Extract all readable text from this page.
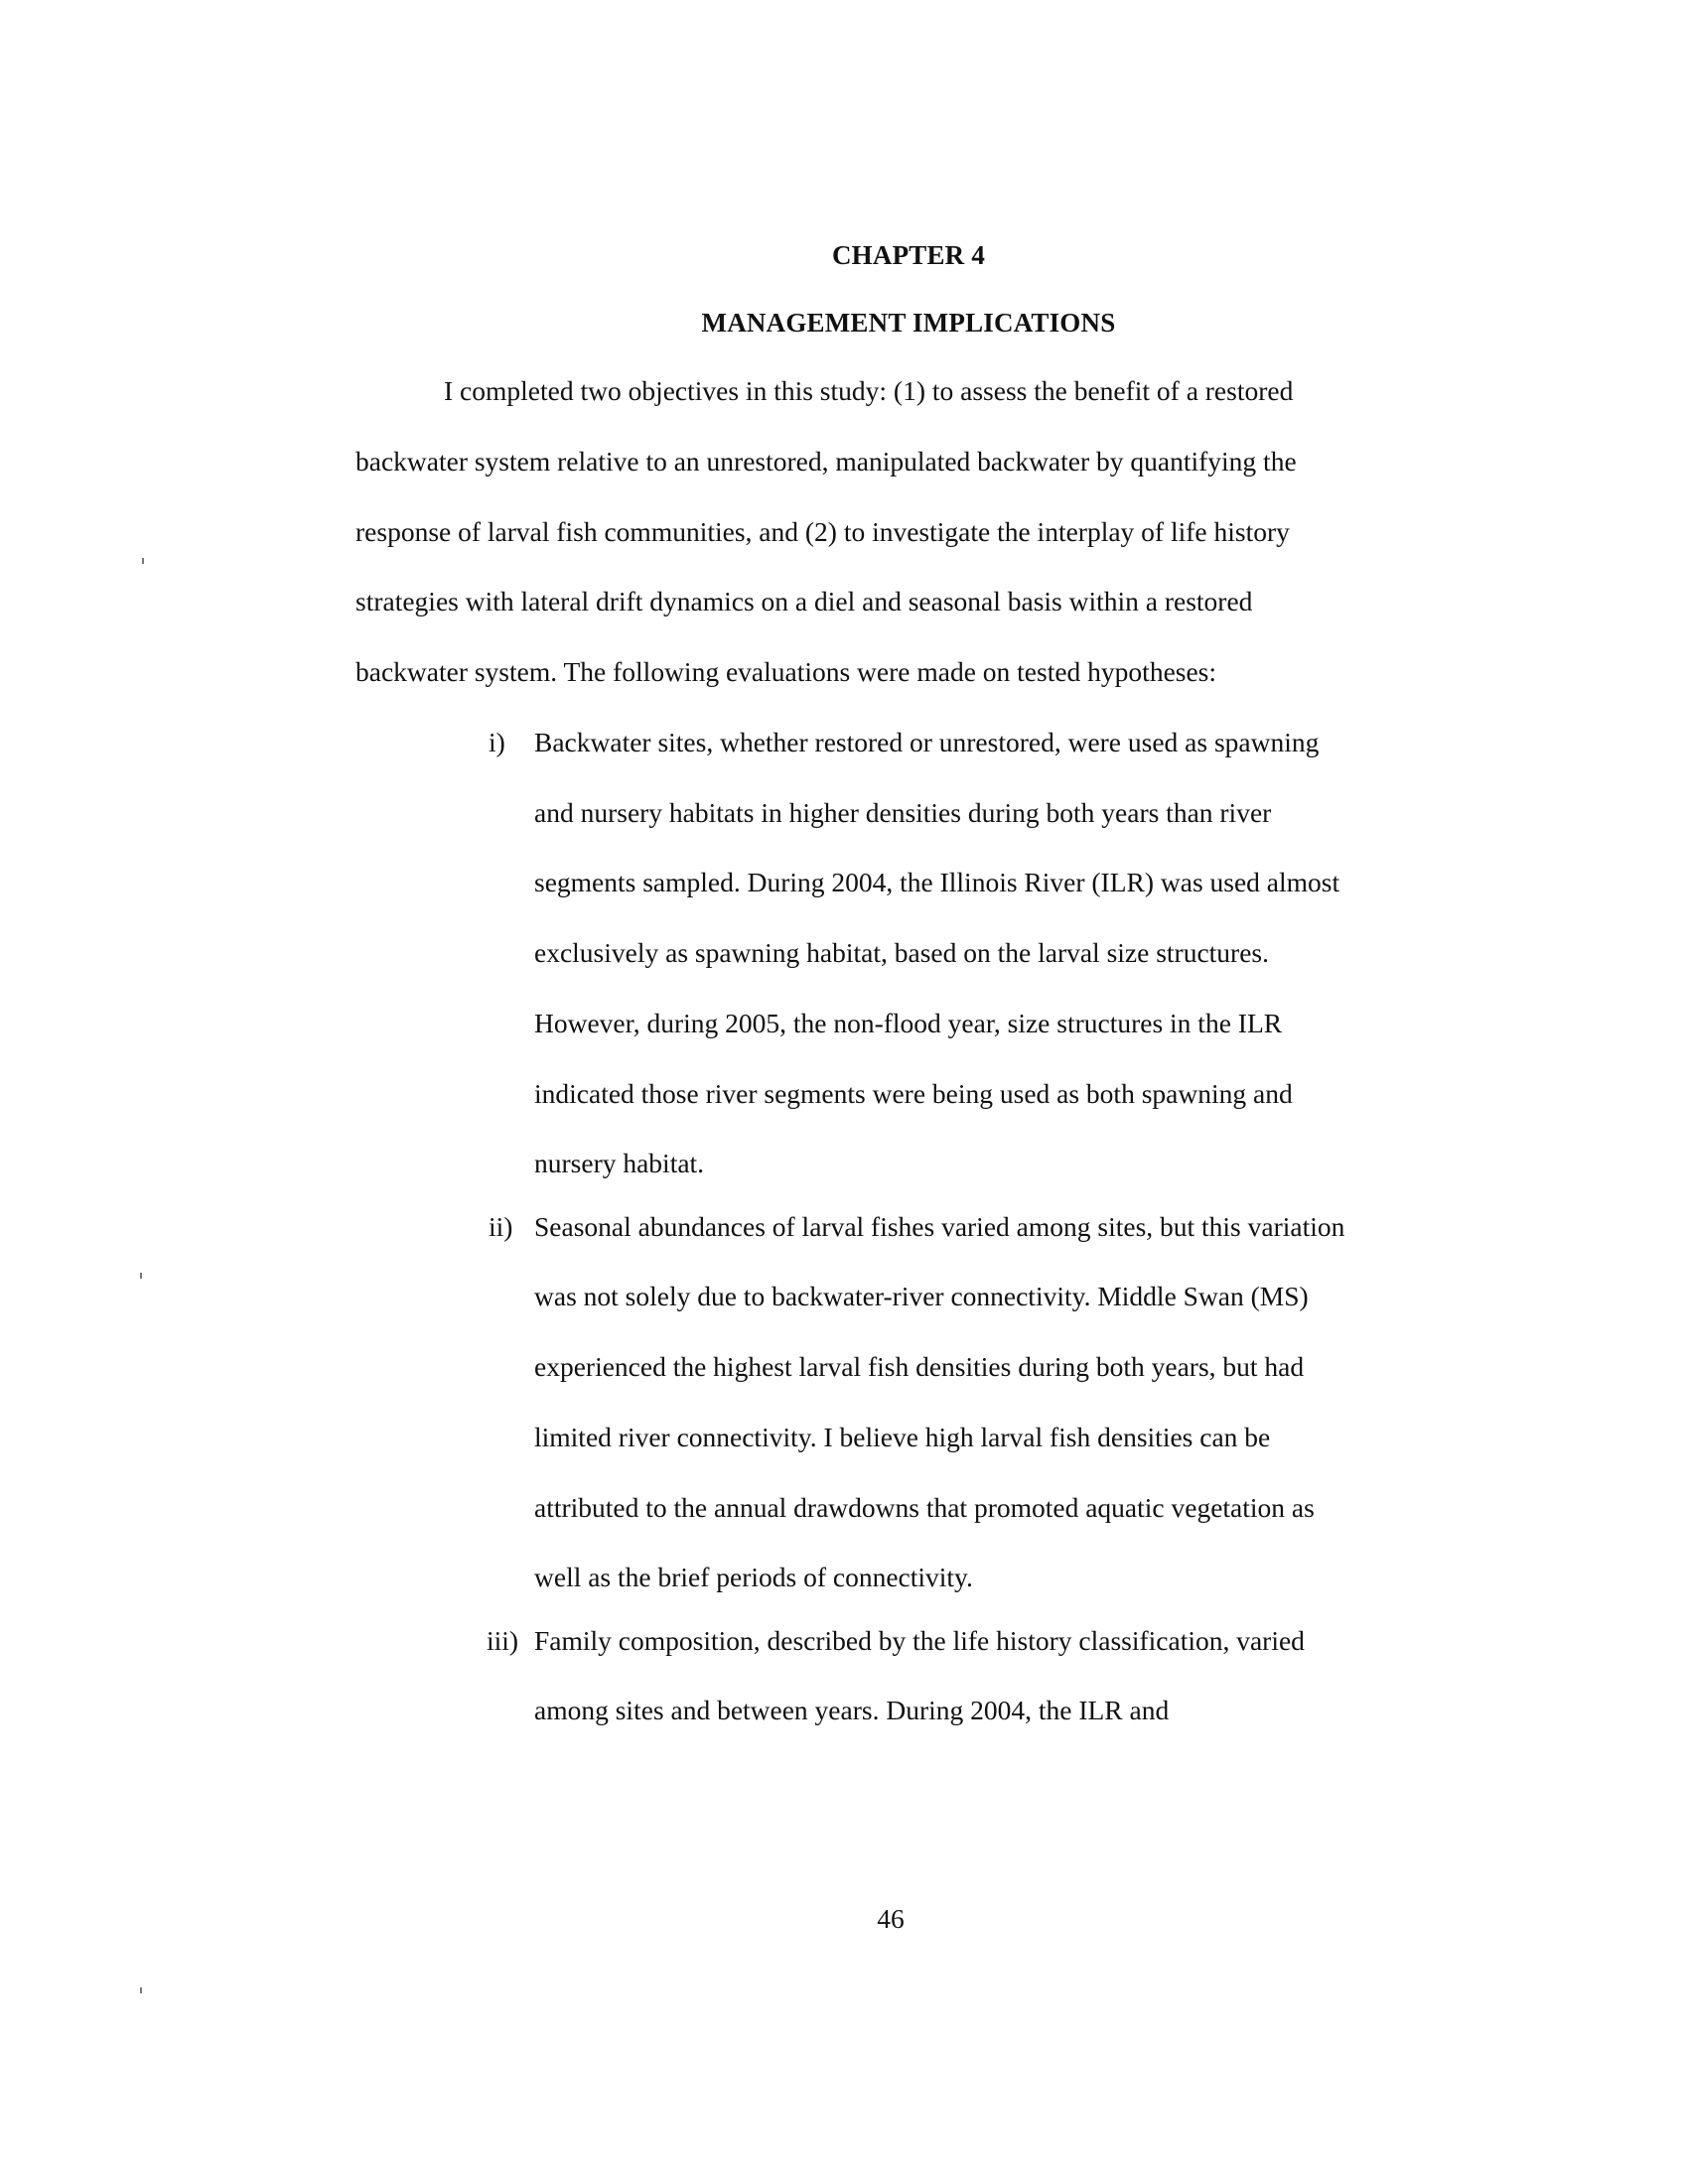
CHAPTER 4
MANAGEMENT IMPLICATIONS
I completed two objectives in this study: (1) to assess the benefit of a restored
backwater system relative to an unrestored, manipulated backwater by quantifying the
response of larval fish communities, and (2) to investigate the interplay of life history
strategies with lateral drift dynamics on a diel and seasonal basis within a restored
backwater system. The following evaluations were made on tested hypotheses:
i) Backwater sites, whether restored or unrestored, were used as spawning
and nursery habitats in higher densities during both years than river
segments sampled. During 2004, the Illinois River (ILR) was used almost
exclusively as spawning habitat, based on the larval size structures.
However, during 2005, the non-flood year, size structures in the ILR
indicated those river segments were being used as both spawning and
nursery habitat.
ii) Seasonal abundances of larval fishes varied among sites, but this variation
was not solely due to backwater-river connectivity. Middle Swan (MS)
experienced the highest larval fish densities during both years, but had
limited river connectivity. I believe high larval fish densities can be
attributed to the annual drawdowns that promoted aquatic vegetation as
well as the brief periods of connectivity.
iii) Family composition, described by the life history classification, varied
among sites and between years. During 2004, the ILR and
46
